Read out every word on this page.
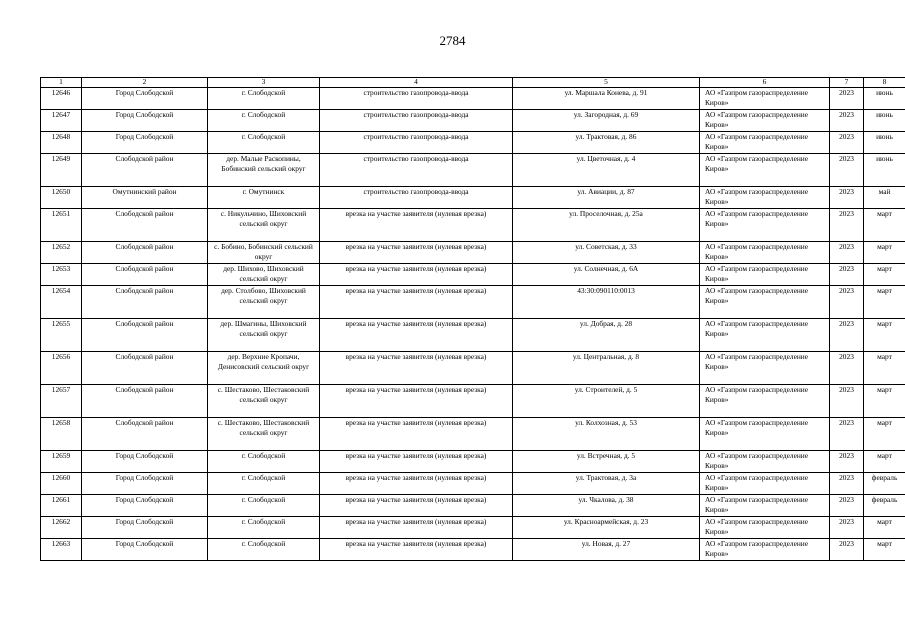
2784
1	2	3	4	5	6	7	8
12646	Город Слободской	г. Слободской	строительство газопровода-ввода	ул. Маршала Конева, д. 91	АО «Газпром газораспределение Киров»	2023	июнь
12647	Город Слободской	г. Слободской	строительство газопровода-ввода	ул. Загородная, д. 69	АО «Газпром газораспределение Киров»	2023	июнь
12648	Город Слободской	г. Слободской	строительство газопровода-ввода	ул. Трактовая, д. 86	АО «Газпром газораспределение Киров»	2023	июнь
12649	Слободской район	дер. Малые Раскопины, Бобинский сельский округ	строительство газопровода-ввода	ул. Цветочная, д. 4	АО «Газпром газораспределение Киров»	2023	июнь
12650	Омутнинский район	г. Омутнинск	строительство газопровода-ввода	ул. Авиации, д. 87	АО «Газпром газораспределение Киров»	2023	май
12651	Слободской район	с. Никульчино, Шиховский сельский округ	врезка на участке заявителя (нулевая врезка)	ул. Проселочная, д. 25а	АО «Газпром газораспределение Киров»	2023	март
12652	Слободской район	с. Бобино, Бобинский сельский округ	врезка на участке заявителя (нулевая врезка)	ул. Советская, д. 33	АО «Газпром газораспределение Киров»	2023	март
12653	Слободской район	дер. Шихово, Шиховский сельский округ	врезка на участке заявителя (нулевая врезка)	ул. Солнечная, д. 6А	АО «Газпром газораспределение Киров»	2023	март
12654	Слободской район	дер. Столбово, Шиховский сельский округ	врезка на участке заявителя (нулевая врезка)	43:30:090110:0013	АО «Газпром газораспределение Киров»	2023	март
12655	Слободской район	дер. Шмагины, Шиховский сельский округ	врезка на участке заявителя (нулевая врезка)	ул. Добрая, д. 28	АО «Газпром газораспределение Киров»	2023	март
12656	Слободской район	дер. Верхние Кропачи, Денисовский сельский округ	врезка на участке заявителя (нулевая врезка)	ул. Центральная, д. 8	АО «Газпром газораспределение Киров»	2023	март
12657	Слободской район	с. Шестаково, Шестаковский сельский округ	врезка на участке заявителя (нулевая врезка)	ул. Строителей, д. 5	АО «Газпром газораспределение Киров»	2023	март
12658	Слободской район	с. Шестаково, Шестаковский сельский округ	врезка на участке заявителя (нулевая врезка)	ул. Колхозная, д. 53	АО «Газпром газораспределение Киров»	2023	март
12659	Город Слободской	г. Слободской	врезка на участке заявителя (нулевая врезка)	ул. Встречная, д. 5	АО «Газпром газораспределение Киров»	2023	март
12660	Город Слободской	г. Слободской	врезка на участке заявителя (нулевая врезка)	ул. Трактовая, д. 3а	АО «Газпром газораспределение Киров»	2023	февраль
12661	Город Слободской	г. Слободской	врезка на участке заявителя (нулевая врезка)	ул. Чкалова, д. 38	АО «Газпром газораспределение Киров»	2023	февраль
12662	Город Слободской	г. Слободской	врезка на участке заявителя (нулевая врезка)	ул. Красноармейская, д. 23	АО «Газпром газораспределение Киров»	2023	март
12663	Город Слободской	г. Слободской	врезка на участке заявителя (нулевая врезка)	ул. Новая, д. 27	АО «Газпром газораспределение Киров»	2023	март
